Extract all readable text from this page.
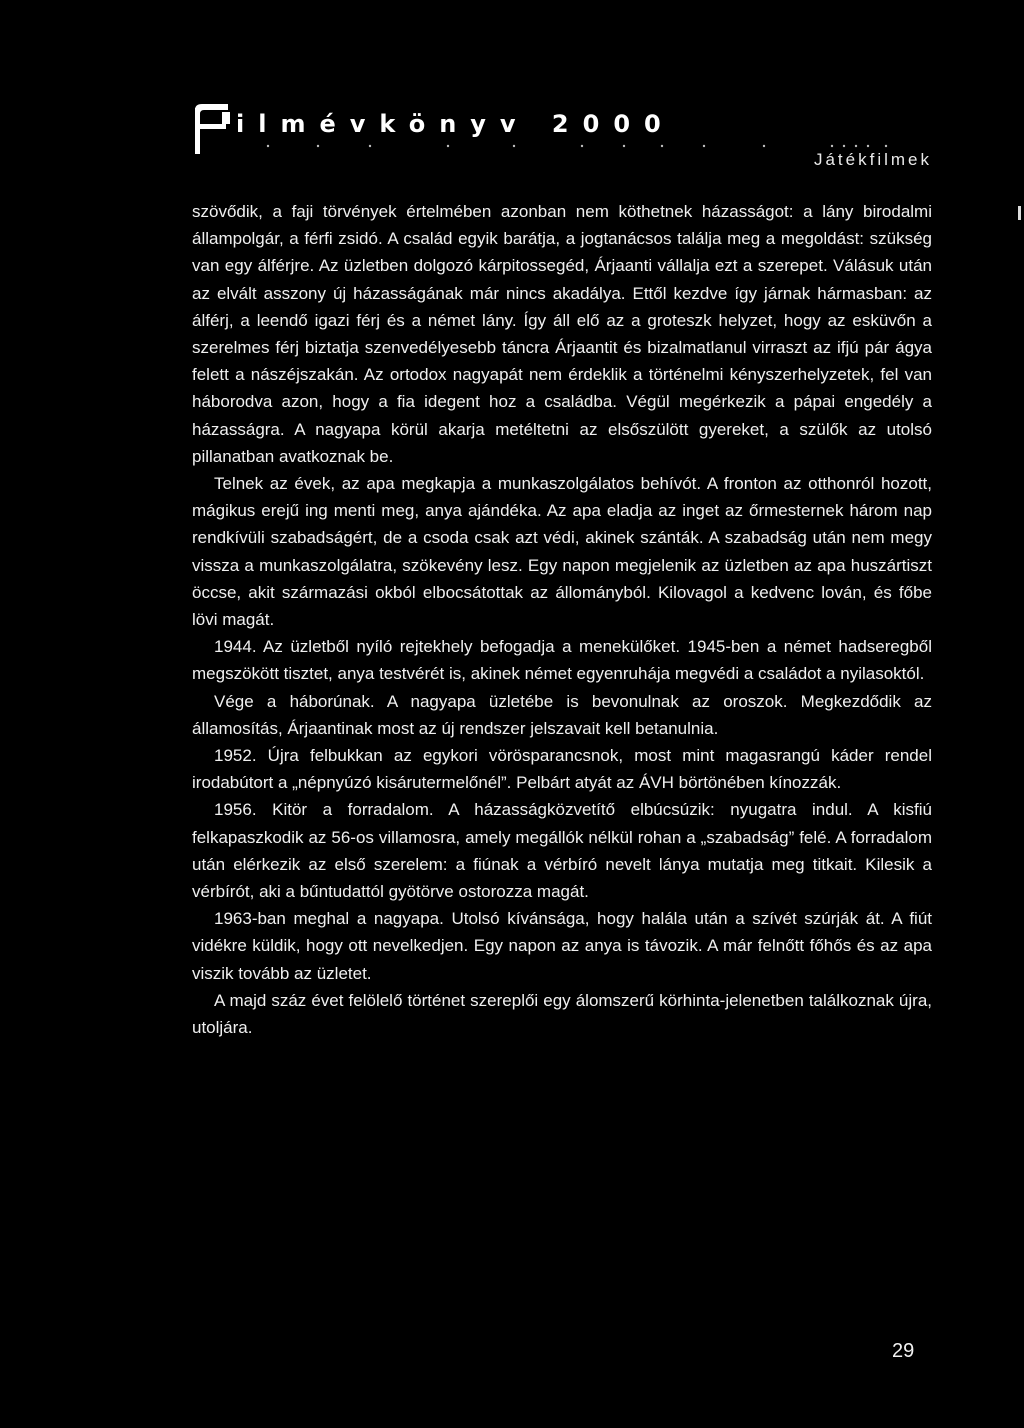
ilmévkönyv 2000
Játékfilmek

szövődik, a faji törvények értelmében azonban nem köthetnek házasságot: a lány birodalmi állampolgár, a férfi zsidó. A család egyik barátja, a jogtanácsos találja meg a megoldást: szükség van egy álférjre. Az üzletben dolgozó kárpitossegéd, Árjaanti vállalja ezt a szerepet. Válásuk után az elvált asszony új házasságának már nincs akadálya. Ettől kezdve így járnak hármasban: az álférj, a leendő igazi férj és a német lány. Így áll elő az a groteszk helyzet, hogy az esküvőn a szerelmes férj biztatja szenvedélyesebb táncra Árjaantit és bizalmatlanul virraszt az ifjú pár ágya felett a nászéjszakán. Az ortodox nagyapát nem érdeklik a történelmi kényszerhelyzetek, fel van háborodva azon, hogy a fia idegent hoz a családba. Végül megérkezik a pápai engedély a házasságra. A nagyapa körül akarja metéltetni az elsőszülött gyereket, a szülők az utolsó pillanatban avatkoznak be.

Telnek az évek, az apa megkapja a munkaszolgálatos behívót. A fronton az otthonról hozott, mágikus erejű ing menti meg, anya ajándéka. Az apa eladja az inget az őrmesternek három nap rendkívüli szabadságért, de a csoda csak azt védi, akinek szánták. A szabadság után nem megy vissza a munkaszolgálatra, szökevény lesz. Egy napon megjelenik az üzletben az apa huszártiszt öccse, akit származási okból elbocsátottak az állományból. Kilovagol a kedvenc lován, és főbe lövi magát.

1944. Az üzletből nyíló rejtekhely befogadja a menekülőket. 1945-ben a német hadseregből megszökött tisztet, anya testvérét is, akinek német egyenruhája megvédi a családot a nyilasoktól.

Vége a háborúnak. A nagyapa üzletébe is bevonulnak az oroszok. Megkezdődik az államosítás, Árjaantinak most az új rendszer jelszavait kell betanulnia.

1952. Újra felbukkan az egykori vörösparancsnok, most mint magasrangú káder rendel irodabútort a „népnyúzó kisárutermelőnél”. Pelbárt atyát az ÁVH börtönében kínozzák.

1956. Kitör a forradalom. A házasságközvetítő elbúcsúzik: nyugatra indul. A kisfiú felkapaszkodik az 56-os villamosra, amely megállók nélkül rohan a „szabadság” felé. A forradalom után elérkezik az első szerelem: a fiúnak a vérbíró nevelt lánya mutatja meg titkait. Kilesik a vérbírót, aki a bűntudattól gyötörve ostorozza magát.

1963-ban meghal a nagyapa. Utolsó kívánsága, hogy halála után a szívét szúrják át. A fiút vidékre küldik, hogy ott nevelkedjen. Egy napon az anya is távozik. A már felnőtt főhős és az apa viszik tovább az üzletet.

A majd száz évet felölelő történet szereplői egy álomszerű körhinta-jelenetben találkoznak újra, utoljára.

29
